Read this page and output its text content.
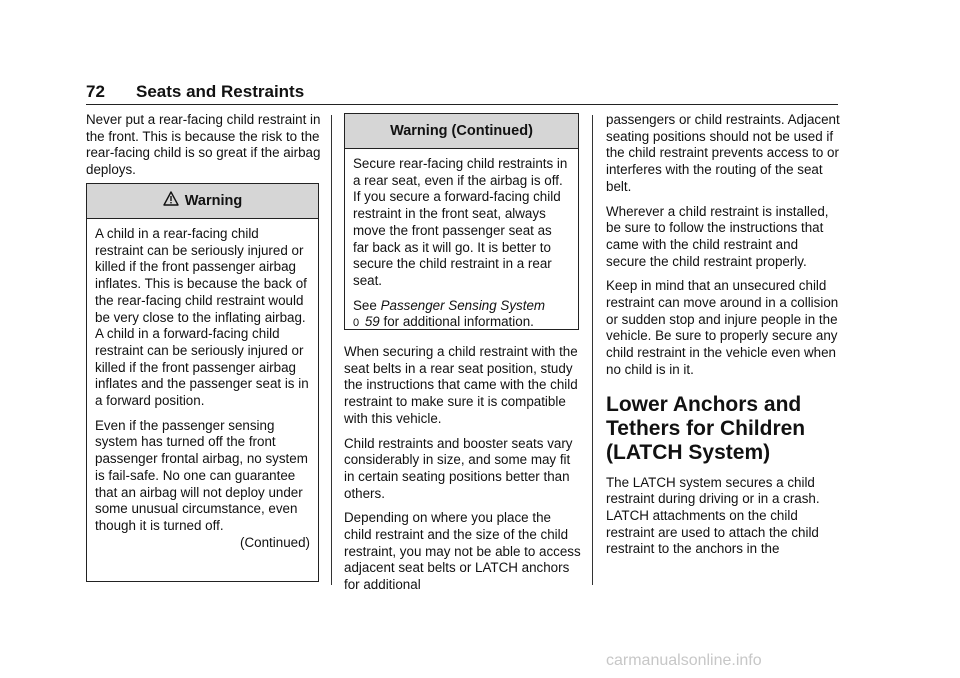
72 Seats and Restraints

Never put a rear-facing child restraint in the front. This is because the risk to the rear-facing child is so great if the airbag deploys.

Warning

A child in a rear-facing child restraint can be seriously injured or killed if the front passenger airbag inflates. This is because the back of the rear-facing child restraint would be very close to the inflating airbag. A child in a forward-facing child restraint can be seriously injured or killed if the front passenger airbag inflates and the passenger seat is in a forward position.

Even if the passenger sensing system has turned off the front passenger frontal airbag, no system is fail-safe. No one can guarantee that an airbag will not deploy under some unusual circumstance, even though it is turned off.

(Continued)
Warning (Continued)

Secure rear-facing child restraints in a rear seat, even if the airbag is off. If you secure a forward-facing child restraint in the front seat, always move the front passenger seat as far back as it will go. It is better to secure the child restraint in a rear seat.

See Passenger Sensing System
0 59 for additional information.

When securing a child restraint with the seat belts in a rear seat position, study the instructions that came with the child restraint to make sure it is compatible with this vehicle.

Child restraints and booster seats vary considerably in size, and some may fit in certain seating positions better than others.

Depending on where you place the child restraint and the size of the child restraint, you may not be able to access adjacent seat belts or LATCH anchors for additional

passengers or child restraints. Adjacent seating positions should not be used if the child restraint prevents access to or interferes with the routing of the seat belt.

Wherever a child restraint is installed, be sure to follow the instructions that came with the child restraint and secure the child restraint properly.

Keep in mind that an unsecured child restraint can move around in a collision or sudden stop and injure people in the vehicle. Be sure to properly secure any child restraint in the vehicle even when no child is in it.

Lower Anchors and Tethers for Children (LATCH System)

The LATCH system secures a child restraint during driving or in a crash. LATCH attachments on the child restraint are used to attach the child restraint to the anchors in the

carmanualsonline.info
